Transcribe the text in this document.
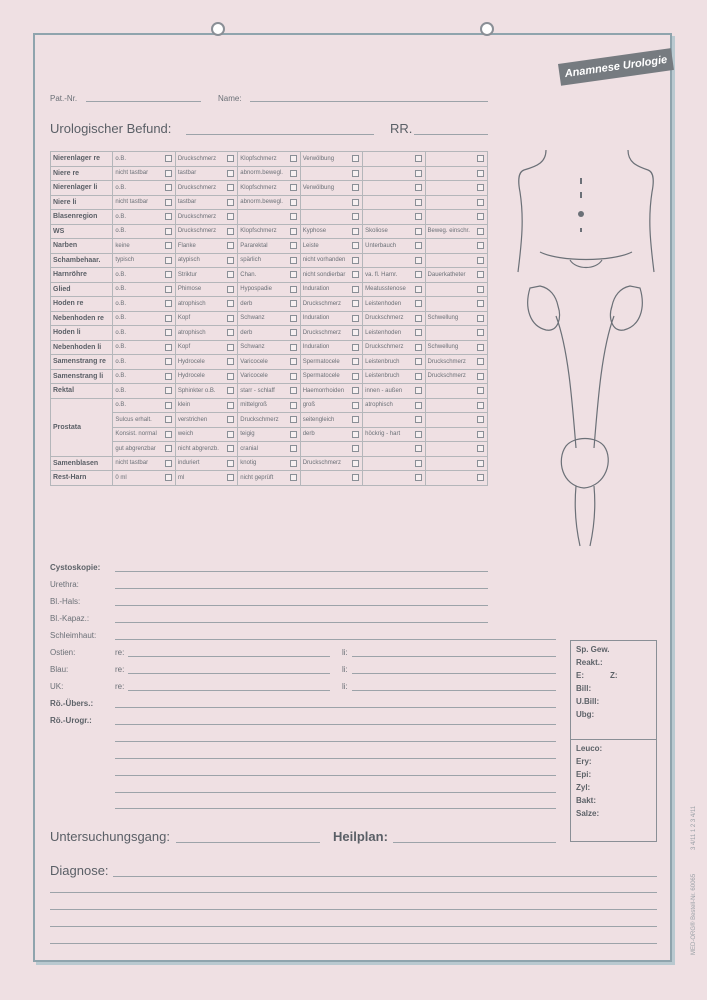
Anamnese Urologie
Pat.-Nr.	Name:
Urologischer Befund:	RR.
Nierenlager re	o.B.	Druckschmerz	Klopfschmerz	Verwölbung

Niere re	nicht tastbar	tastbar	abnorm.bewegl.

Nierenlager li	o.B.	Druckschmerz	Klopfschmerz	Verwölbung

Niere li	nicht tastbar	tastbar	abnorm.bewegl.

Blasenregion	o.B.	Druckschmerz

WS	o.B.	Druckschmerz	Klopfschmerz	Kyphose	Skoliose	Beweg. einschr.

Narben	keine	Flanke	Pararektal	Leiste	Unterbauch

Schambehaar.	typisch	atypisch	spärlich	nicht vorhanden

Harnröhre	o.B.	Striktur	Chan.	nicht sondierbar	va. fl. Harnr.	Dauerkatheter

Glied	o.B.	Phimose	Hypospadie	Induration	Meatusstenose

Hoden re	o.B.	atrophisch	derb	Druckschmerz	Leistenhoden

Nebenhoden re	o.B.	Kopf	Schwanz	Induration	Druckschmerz	Schwellung

Hoden li	o.B.	atrophisch	derb	Druckschmerz	Leistenhoden

Nebenhoden li	o.B.	Kopf	Schwanz	Induration	Druckschmerz	Schwellung

Samenstrang re	o.B.	Hydrocele	Varicocele	Spermatocele	Leistenbruch	Druckschmerz

Samenstrang li	o.B.	Hydrocele	Varicocele	Spermatocele	Leistenbruch	Druckschmerz

Rektal	o.B.	Sphinkter o.B.	starr - schlaff	Haemorrhoiden	innen - außen

Prostata	o.B.	klein	mittelgroß	groß	atrophisch

	Sulcus erhalt.	verstrichen	Druckschmerz	seitengleich

	Konsist. normal	weich	teigig	derb	höckrig - hart

	gut abgrenzbar	nicht abgrenzb.	cranial

Samenblasen	nicht tastbar	induriert	knotig	Druckschmerz

Rest-Harn	0 ml	ml	nicht geprüft

Cystoskopie:
Urethra:
Bl.-Hals:
Bl.-Kapaz.:
Schleimhaut:
Ostien:	re:	li:
Blau:	re:	li:
UK:	re:	li:
Rö.-Übers.:
Rö.-Urogr.:
Sp. Gew.
Reakt.:
E:	Z:
Bill:
U.Bill:
Ubg:
Leuco:
Ery:
Epi:
Zyl:
Bakt:
Salze:
Untersuchungsgang:	Heilplan:
Diagnose:
MED-ORG® Bestell-Nr. 60065
3 4/11 1 2 3 4/11
